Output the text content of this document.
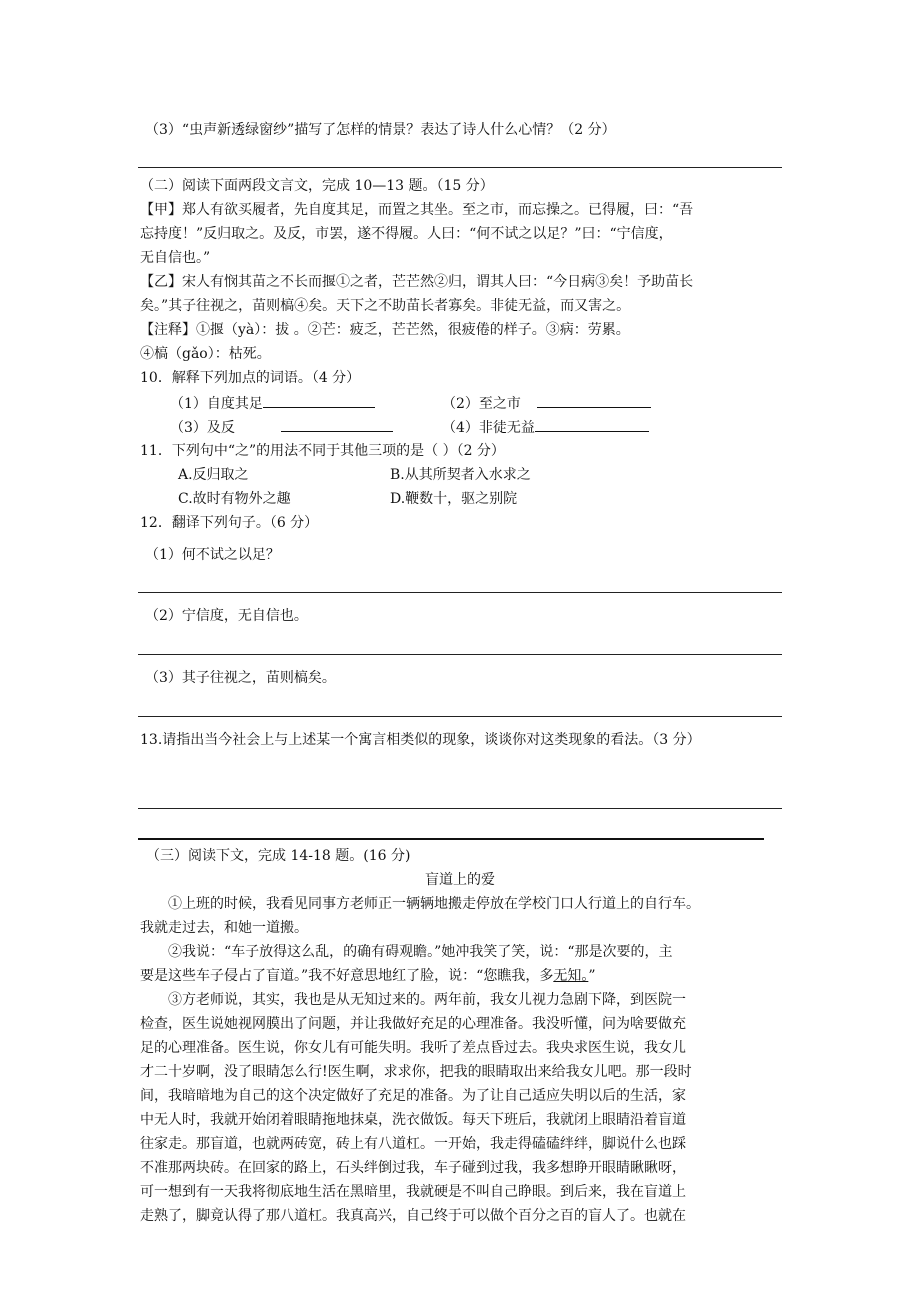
（3）“虫声新透绿窗纱”描写了怎样的情景？表达了诗人什么心情？（2 分）
（二）阅读下面两段文言文，完成 10—13 题。（15 分）
【甲】郑人有欲买履者，先自度其足，而置之其坐。至之市，而忘操之。已得履，曰：“吾
忘持度！”反归取之。及反，市罢，遂不得履。人曰：“何不试之以足？”曰：“宁信度，
无自信也。”
【乙】宋人有悯其苗之不长而揠①之者，芒芒然②归，谓其人曰：“今日病③矣！予助苗长
矣。”其子往视之，苗则槁④矣。天下之不助苗长者寡矣。非徒无益，而又害之。
【注释】①揠（yà）：拔 。②芒：疲乏，芒芒然，很疲倦的样子。③病：劳累。
④槁（gǎo）：枯死。
10．解释下列加点的词语。（4 分）
（1）自度其足	（2）至之市
（3）及反	（4）非徒无益
11．下列句中“之”的用法不同于其他三项的是（ ）（2 分）
A.反归取之	B.从其所契者入水求之
C.故时有物外之趣	D.鞭数十，驱之别院
12．翻译下列句子。（6 分）
（1）何不试之以足？
（2）宁信度，无自信也。
（3）其子往视之，苗则槁矣。
13.请指出当今社会上与上述某一个寓言相类似的现象，谈谈你对这类现象的看法。（3 分）
（三）阅读下文，完成 14-18 题。(16 分)
盲道上的爱
①上班的时候，我看见同事方老师正一辆辆地搬走停放在学校门口人行道上的自行车。
我就走过去，和她一道搬。
②我说：“车子放得这么乱，的确有碍观瞻。”她冲我笑了笑，说：“那是次要的，主
要是这些车子侵占了盲道。”我不好意思地红了脸，说：“您瞧我，多无知。”
③方老师说，其实，我也是从无知过来的。两年前，我女儿视力急剧下降，到医院一
检查，医生说她视网膜出了问题，并让我做好充足的心理准备。我没听懂，问为啥要做充
足的心理准备。医生说，你女儿有可能失明。我听了差点昏过去。我央求医生说，我女儿
才二十岁啊，没了眼睛怎么行!医生啊，求求你，把我的眼睛取出来给我女儿吧。那一段时
间，我暗暗地为自己的这个决定做好了充足的准备。为了让自己适应失明以后的生活，家
中无人时，我就开始闭着眼睛拖地抹桌，洗衣做饭。每天下班后，我就闭上眼睛沿着盲道
往家走。那盲道，也就两砖宽，砖上有八道杠。一开始，我走得磕磕绊绊，脚说什么也踩
不准那两块砖。在回家的路上，石头绊倒过我，车子碰到过我，我多想睁开眼睛瞅瞅呀，
可一想到有一天我将彻底地生活在黑暗里，我就硬是不叫自己睁眼。到后来，我在盲道上
走熟了，脚竟认得了那八道杠。我真高兴，自己终于可以做个百分之百的盲人了。也就在
